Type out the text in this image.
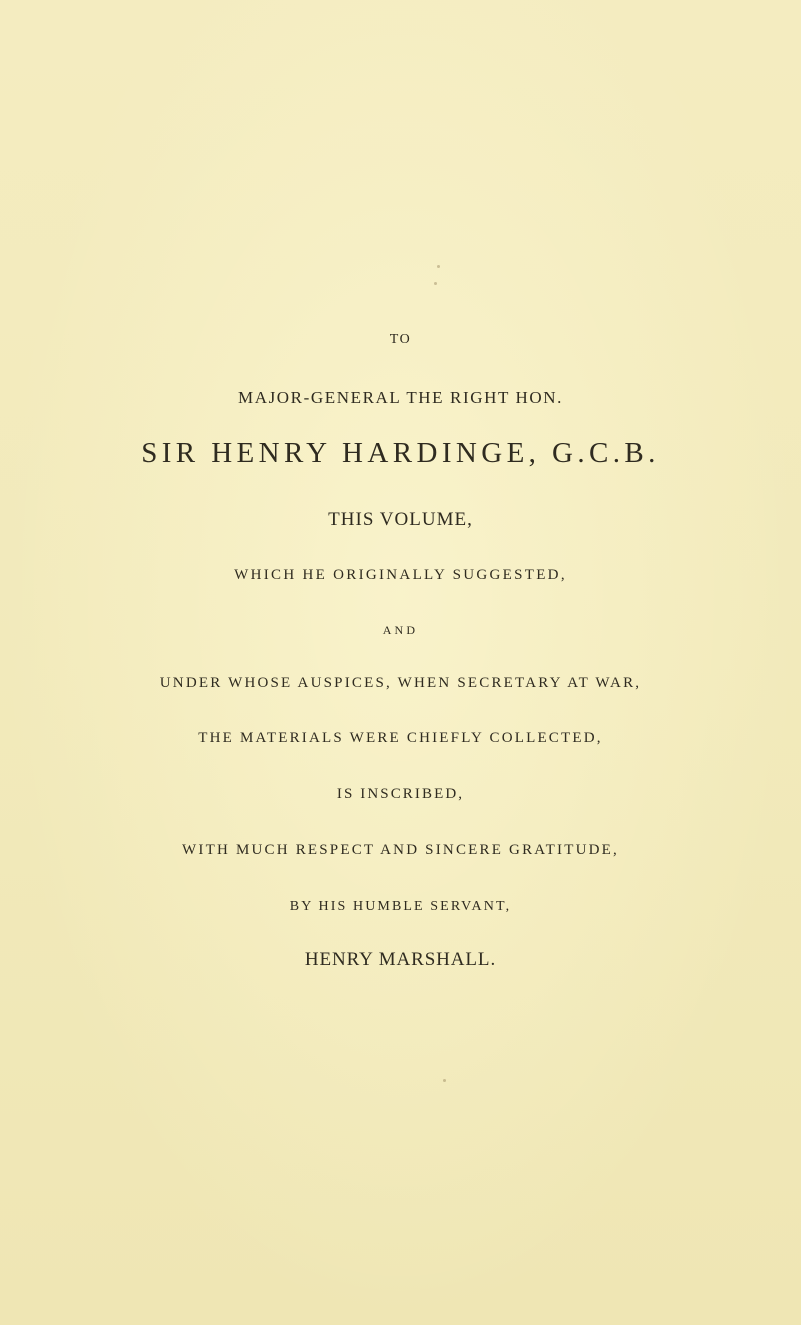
TO

MAJOR-GENERAL THE RIGHT HON.

SIR HENRY HARDINGE, G.C.B.

THIS VOLUME,

WHICH HE ORIGINALLY SUGGESTED,

AND

UNDER WHOSE AUSPICES, WHEN SECRETARY AT WAR,

THE MATERIALS WERE CHIEFLY COLLECTED,

IS INSCRIBED,

WITH MUCH RESPECT AND SINCERE GRATITUDE,

BY HIS HUMBLE SERVANT,

HENRY MARSHALL.
